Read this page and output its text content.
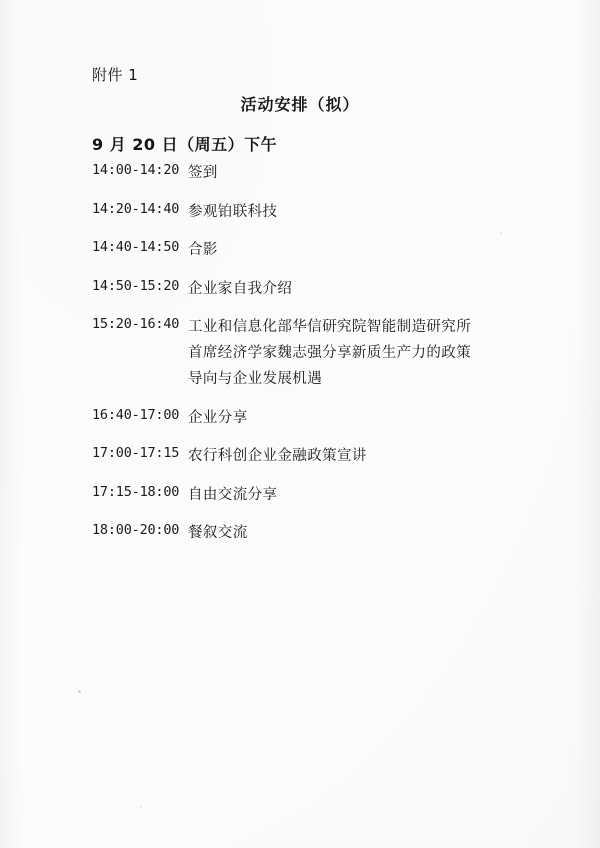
附件 1
活动安排（拟）
9 月 20 日（周五）下午
14:00-14:20 签到
14:20-14:40 参观铂联科技
14:40-14:50 合影
14:50-15:20 企业家自我介绍
15:20-16:40 工业和信息化部华信研究院智能制造研究所
首席经济学家魏志强分享新质生产力的政策
导向与企业发展机遇
16:40-17:00 企业分享
17:00-17:15 农行科创企业金融政策宣讲
17:15-18:00 自由交流分享
18:00-20:00 餐叙交流
